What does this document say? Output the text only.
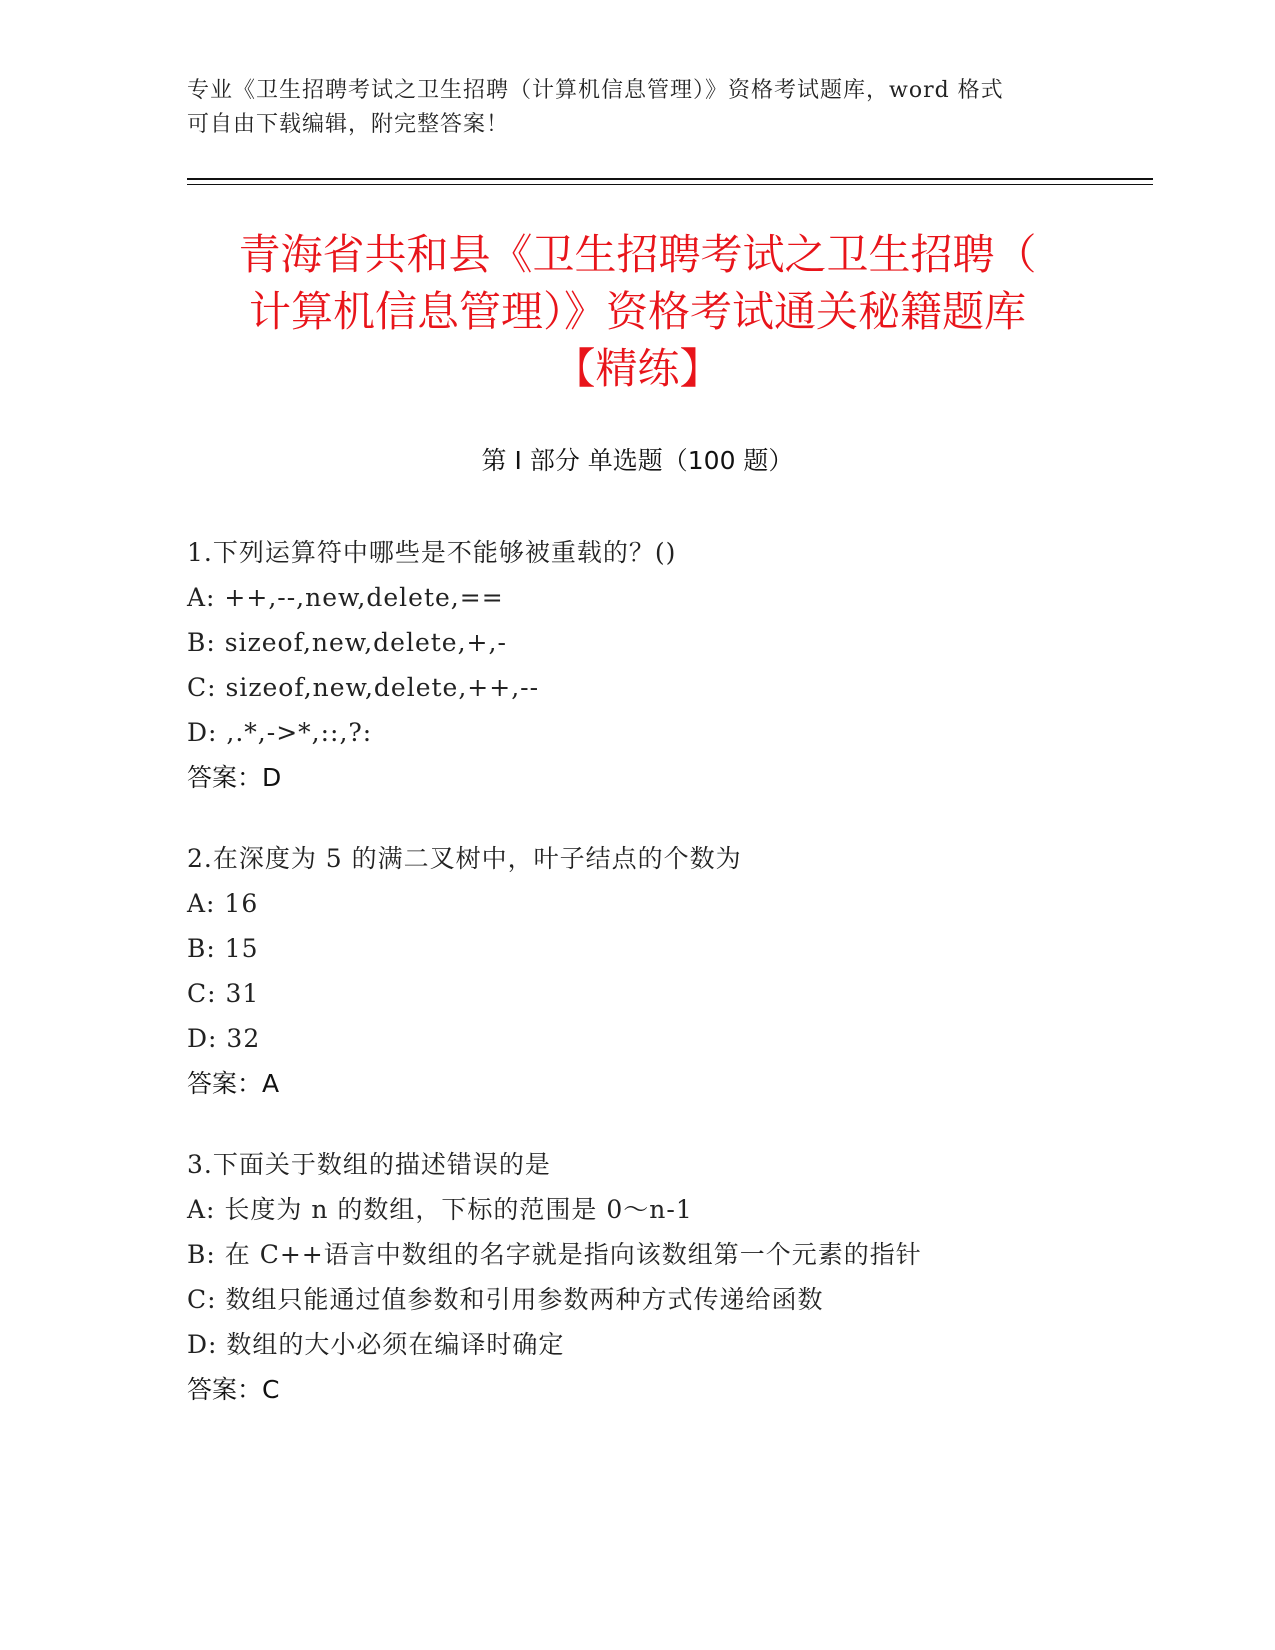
专业《卫生招聘考试之卫生招聘（计算机信息管理）》资格考试题库，word 格式
可自由下载编辑，附完整答案！
青海省共和县《卫生招聘考试之卫生招聘（
计算机信息管理）》资格考试通关秘籍题库
【精练】
第 I 部分 单选题（100 题）
1.下列运算符中哪些是不能够被重载的？()
A: ++,--,new,delete,==
B: sizeof,new,delete,+,-
C: sizeof,new,delete,++,--
D: ,.*,->*,::,?:
答案：D
2.在深度为 5 的满二叉树中，叶子结点的个数为
A: 16
B: 15
C: 31
D: 32
答案：A
3.下面关于数组的描述错误的是
A: 长度为 n 的数组，下标的范围是 0～n-1
B: 在 C++语言中数组的名字就是指向该数组第一个元素的指针
C: 数组只能通过值参数和引用参数两种方式传递给函数
D: 数组的大小必须在编译时确定
答案：C
